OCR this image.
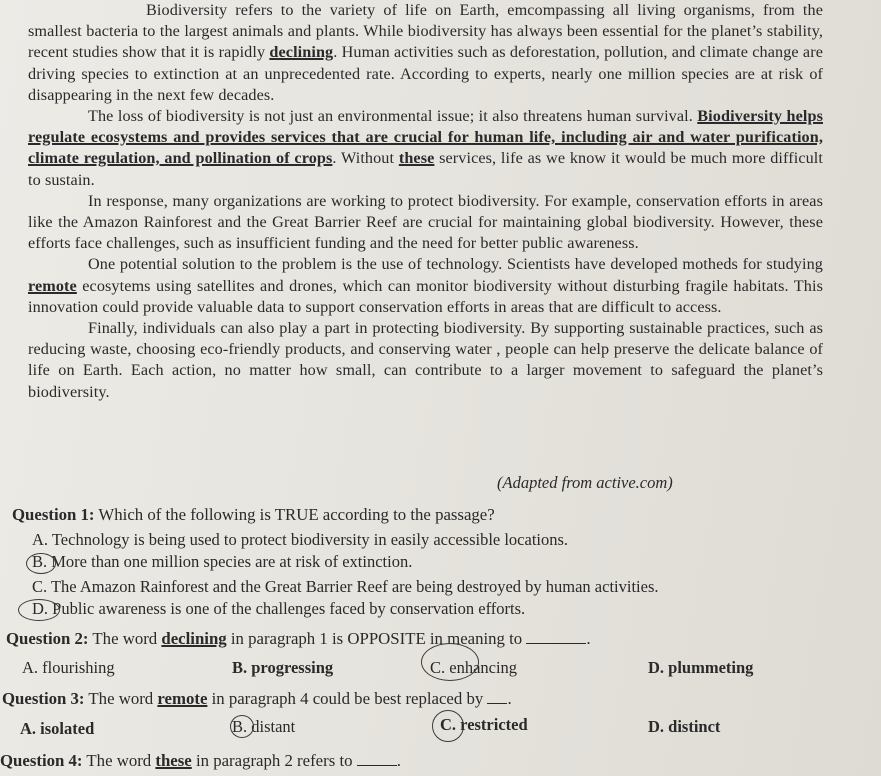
Biodiversity refers to the variety of life on Earth, emcompassing all living organisms, from the smallest bacteria to the largest animals and plants. While biodiversity has always been essential for the planet’s stability, recent studies show that it is rapidly declining. Human activities such as deforestation, pollution, and climate change are driving species to extinction at an unprecedented rate. According to experts, nearly one million species are at risk of disappearing in the next few decades.

The loss of biodiversity is not just an environmental issue; it also threatens human survival. Biodiversity helps regulate ecosystems and provides services that are crucial for human life, including air and water purification, climate regulation, and pollination of crops. Without these services, life as we know it would be much more difficult to sustain.

In response, many organizations are working to protect biodiversity. For example, conservation efforts in areas like the Amazon Rainforest and the Great Barrier Reef are crucial for maintaining global biodiversity. However, these efforts face challenges, such as insufficient funding and the need for better public awareness.

One potential solution to the problem is the use of technology. Scientists have developed motheds for studying remote ecosytems using satellites and drones, which can monitor biodiversity without disturbing fragile habitats. This innovation could provide valuable data to support conservation efforts in areas that are difficult to access.

Finally, individuals can also play a part in protecting biodiversity. By supporting sustainable practices, such as reducing waste, choosing eco-friendly products, and conserving water , people can help preserve the delicate balance of life on Earth. Each action, no matter how small, can contribute to a larger movement to safeguard the planet’s biodiversity.

(Adapted from active.com)
Question 1: Which of the following is TRUE according to the passage?
A. Technology is being used to protect biodiversity in easily accessible locations.
B. More than one million species are at risk of extinction.
C. The Amazon Rainforest and the Great Barrier Reef are being destroyed by human activities.
D. Public awareness is one of the challenges faced by conservation efforts.
Question 2: The word declining in paragraph 1 is OPPOSITE in meaning to	.
A. flourishing	B. progressing	C. enhancing	D. plummeting
Question 3: The word remote in paragraph 4 could be best replaced by .
A. isolated	B. distant	C. restricted	D. distinct
Question 4: The word these in paragraph 2 refers to	.
